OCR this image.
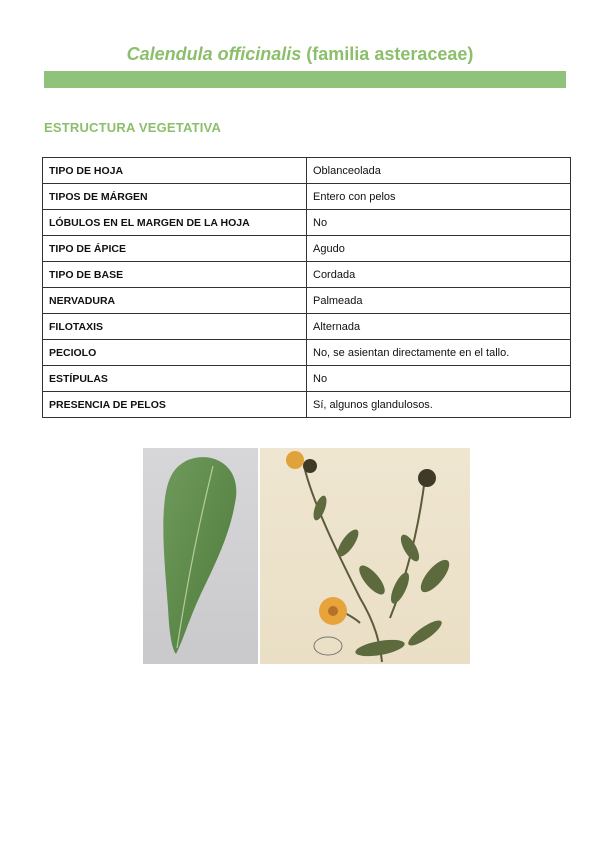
Calendula officinalis (familia asteraceae)
ESTRUCTURA VEGETATIVA
TIPO DE HOJA	Oblanceolada
TIPOS DE MÁRGEN	Entero con pelos
LÓBULOS EN EL MARGEN DE LA HOJA	No
TIPO DE ÁPICE	Agudo
TIPO DE BASE	Cordada
NERVADURA	Palmeada
FILOTAXIS	Alternada
PECIOLO	No, se asientan directamente en el tallo.
ESTÍPULAS	No
PRESENCIA DE PELOS	Sí, algunos glandulosos.
